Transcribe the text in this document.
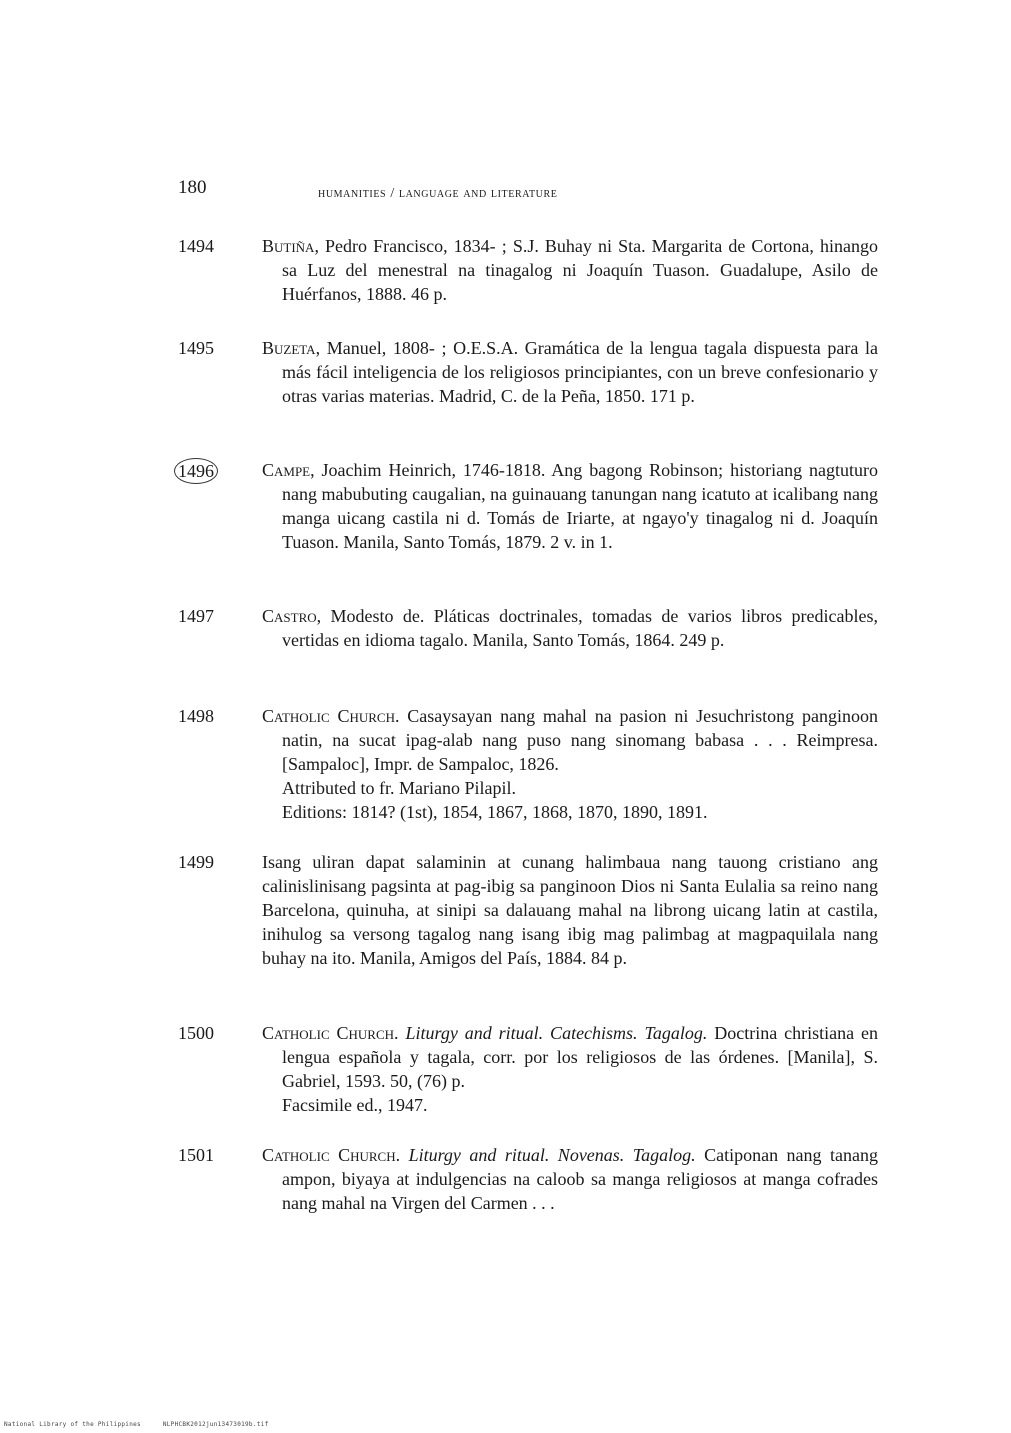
180	humanities / language and literature
1494	Butiña, Pedro Francisco, 1834- ; S.J. Buhay ni Sta. Margarita de Cortona, hinango sa Luz del menestral na tinagalog ni Joaquín Tuason. Guadalupe, Asilo de Huérfanos, 1888. 46 p.
1495	Buzeta, Manuel, 1808- ; O.E.S.A. Gramática de la lengua tagala dispuesta para la más fácil inteligencia de los religiosos principiantes, con un breve confesionario y otras varias materias. Madrid, C. de la Peña, 1850. 171 p.
1496	Campe, Joachim Heinrich, 1746-1818. Ang bagong Robinson; historiang nagtuturo nang mabubuting caugalian, na guinauang tanungan nang icatuto at icalibang nang manga uicang castila ni d. Tomás de Iriarte, at ngayo'y tinagalog ni d. Joaquín Tuason. Manila, Santo Tomás, 1879. 2 v. in 1.
1497	Castro, Modesto de. Pláticas doctrinales, tomadas de varios libros predicables, vertidas en idioma tagalo. Manila, Santo Tomás, 1864. 249 p.
1498	Catholic Church. Casaysayan nang mahal na pasion ni Jesuchristong panginoon natin, na sucat ipag-alab nang puso nang sinomang babasa . . . Reimpresa. [Sampaloc], Impr. de Sampaloc, 1826.
Attributed to fr. Mariano Pilapil.
Editions: 1814? (1st), 1854, 1867, 1868, 1870, 1890, 1891.
1499	Isang uliran dapat salaminin at cunang halimbaua nang tauong cristiano ang calinislinisang pagsinta at pag-ibig sa panginoon Dios ni Santa Eulalia sa reino nang Barcelona, quinuha, at sinipi sa dalauang mahal na librong uicang latin at castila, inihulog sa versong tagalog nang isang ibig mag palimbag at magpaquilala nang buhay na ito. Manila, Amigos del País, 1884. 84 p.
1500	Catholic Church. Liturgy and ritual. Catechisms. Tagalog. Doctrina christiana en lengua española y tagala, corr. por los religiosos de las órdenes. [Manila], S. Gabriel, 1593. 50, (76) p.
Facsimile ed., 1947.
1501	Catholic Church. Liturgy and ritual. Novenas. Tagalog. Catiponan nang tanang ampon, biyaya at indulgencias na caloob sa manga religiosos at manga cofrades nang mahal na Virgen del Carmen . . .
National Library of the Philippines	NLPHCBK2012jun13473019b.tif
